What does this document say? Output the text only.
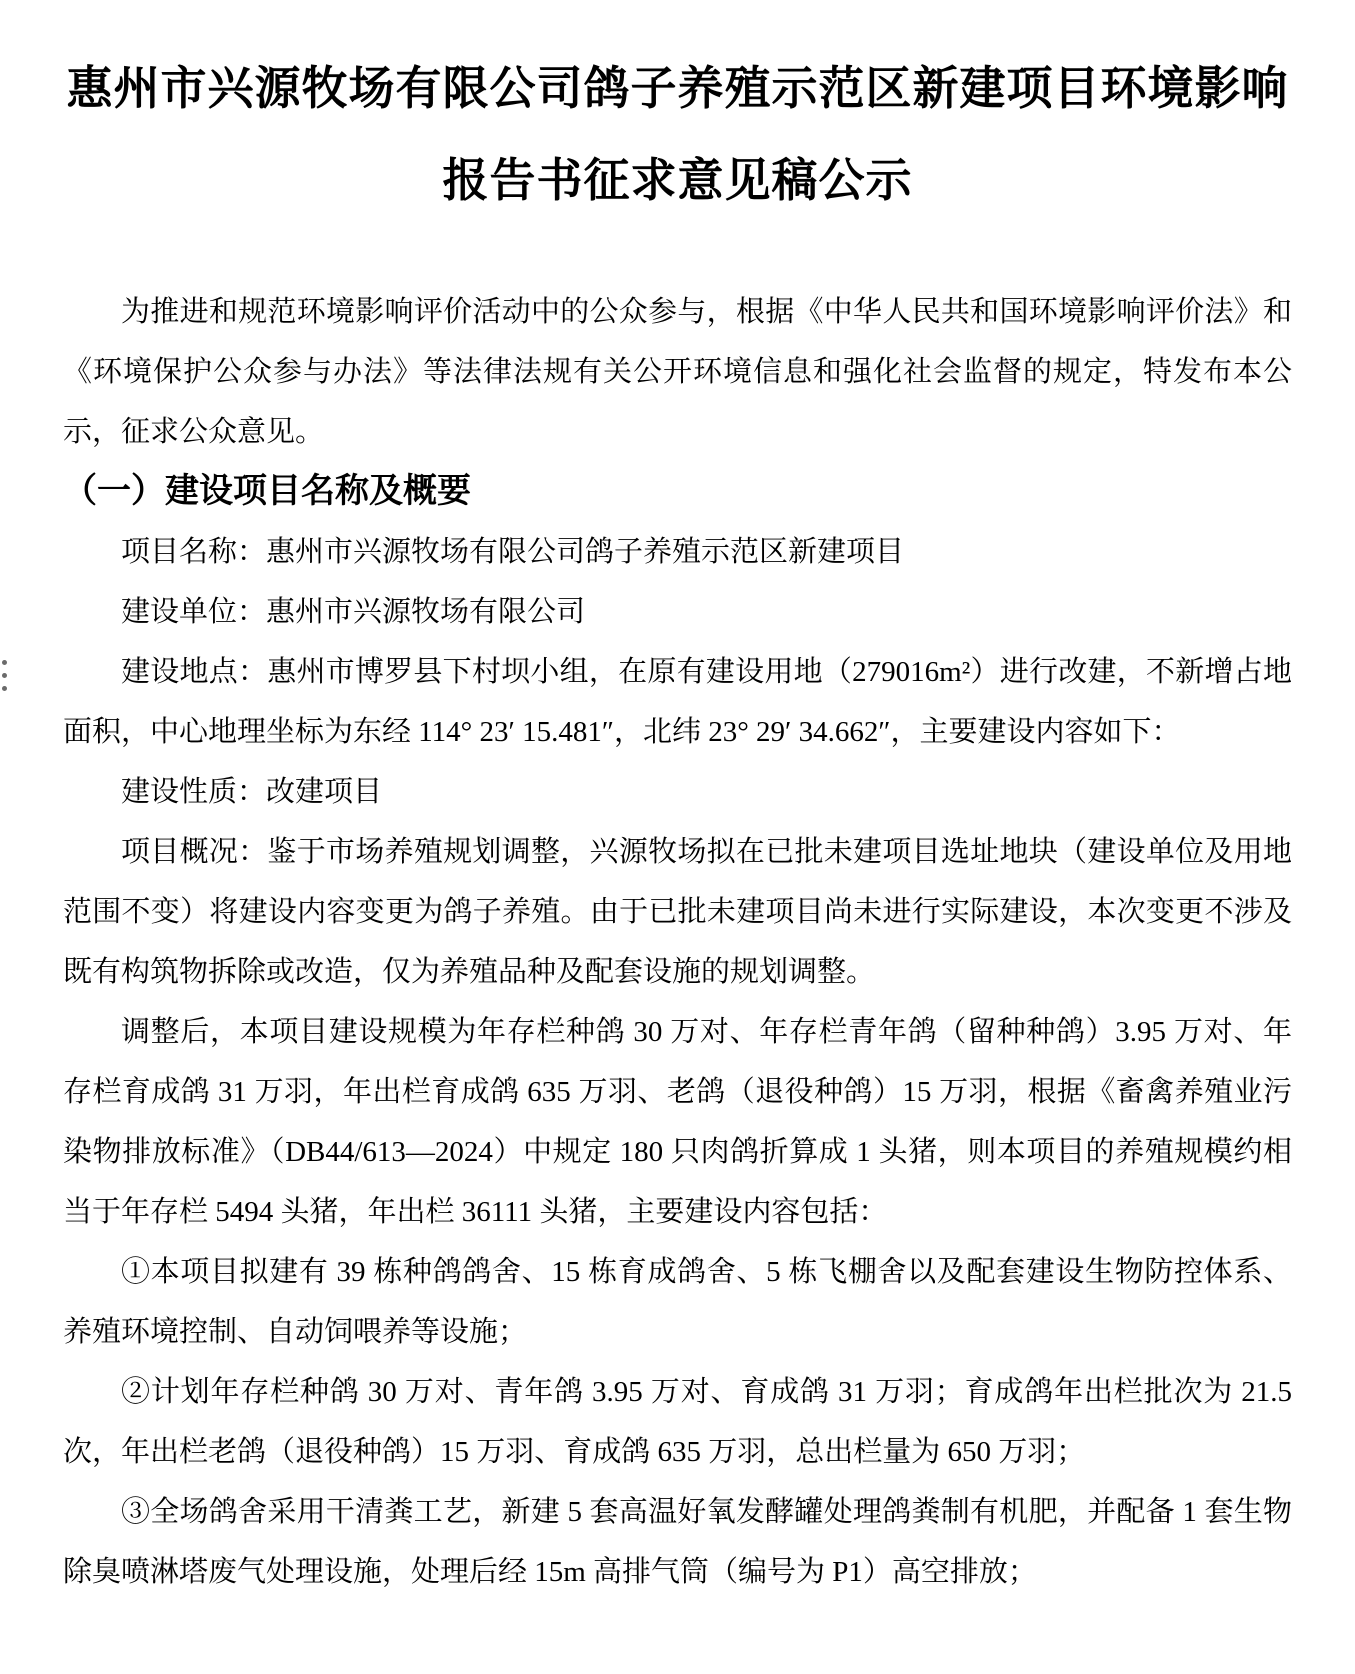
惠州市兴源牧场有限公司鸽子养殖示范区新建项目环境影响报告书征求意见稿公示

为推进和规范环境影响评价活动中的公众参与，根据《中华人民共和国环境影响评价法》和《环境保护公众参与办法》等法律法规有关公开环境信息和强化社会监督的规定，特发布本公示，征求公众意见。

（一）建设项目名称及概要

项目名称：惠州市兴源牧场有限公司鸽子养殖示范区新建项目

建设单位：惠州市兴源牧场有限公司

建设地点：惠州市博罗县下村坝小组，在原有建设用地（279016m²）进行改建，不新增占地面积，中心地理坐标为东经 114° 23′ 15.481″，北纬 23° 29′ 34.662″，主要建设内容如下：

建设性质：改建项目

项目概况：鉴于市场养殖规划调整，兴源牧场拟在已批未建项目选址地块（建设单位及用地范围不变）将建设内容变更为鸽子养殖。由于已批未建项目尚未进行实际建设，本次变更不涉及既有构筑物拆除或改造，仅为养殖品种及配套设施的规划调整。

调整后，本项目建设规模为年存栏种鸽 30 万对、年存栏青年鸽（留种种鸽）3.95 万对、年存栏育成鸽 31 万羽，年出栏育成鸽 635 万羽、老鸽（退役种鸽）15 万羽，根据《畜禽养殖业污染物排放标准》（DB44/613—2024）中规定 180 只肉鸽折算成 1 头猪，则本项目的养殖规模约相当于年存栏 5494 头猪，年出栏 36111 头猪，主要建设内容包括：

①本项目拟建有 39 栋种鸽鸽舍、15 栋育成鸽舍、5 栋飞棚舍以及配套建设生物防控体系、养殖环境控制、自动饲喂养等设施；

②计划年存栏种鸽 30 万对、青年鸽 3.95 万对、育成鸽 31 万羽；育成鸽年出栏批次为 21.5 次，年出栏老鸽（退役种鸽）15 万羽、育成鸽 635 万羽，总出栏量为 650 万羽；

③全场鸽舍采用干清粪工艺，新建 5 套高温好氧发酵罐处理鸽粪制有机肥，并配备 1 套生物除臭喷淋塔废气处理设施，处理后经 15m 高排气筒（编号为 P1）高空排放；
